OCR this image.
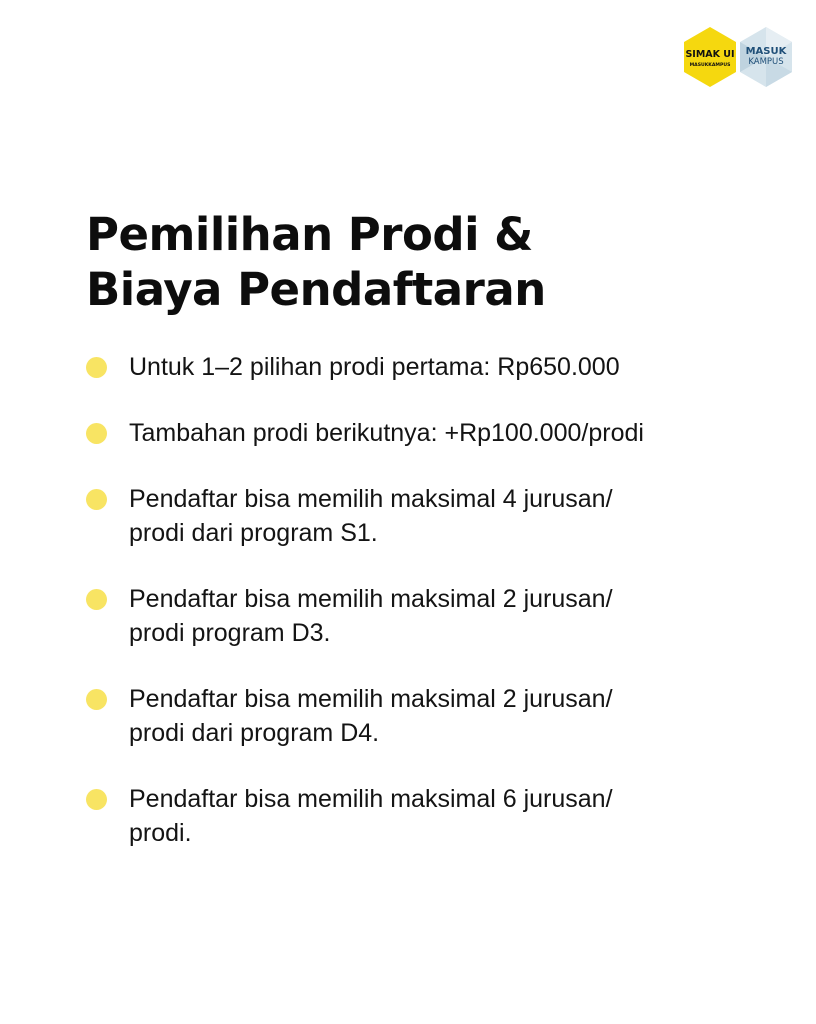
SIMAK UI
MASUKKAMPUS
MASUK
KAMPUS
Pemilihan Prodi &
Biaya Pendaftaran
Untuk 1–2 pilihan prodi pertama: Rp650.000
Tambahan prodi berikutnya: +Rp100.000/prodi
Pendaftar bisa memilih maksimal 4 jurusan/
prodi dari program S1.
Pendaftar bisa memilih maksimal 2 jurusan/
prodi program D3.
Pendaftar bisa memilih maksimal 2 jurusan/
prodi dari program D4.
Pendaftar bisa memilih maksimal 6 jurusan/
prodi.
